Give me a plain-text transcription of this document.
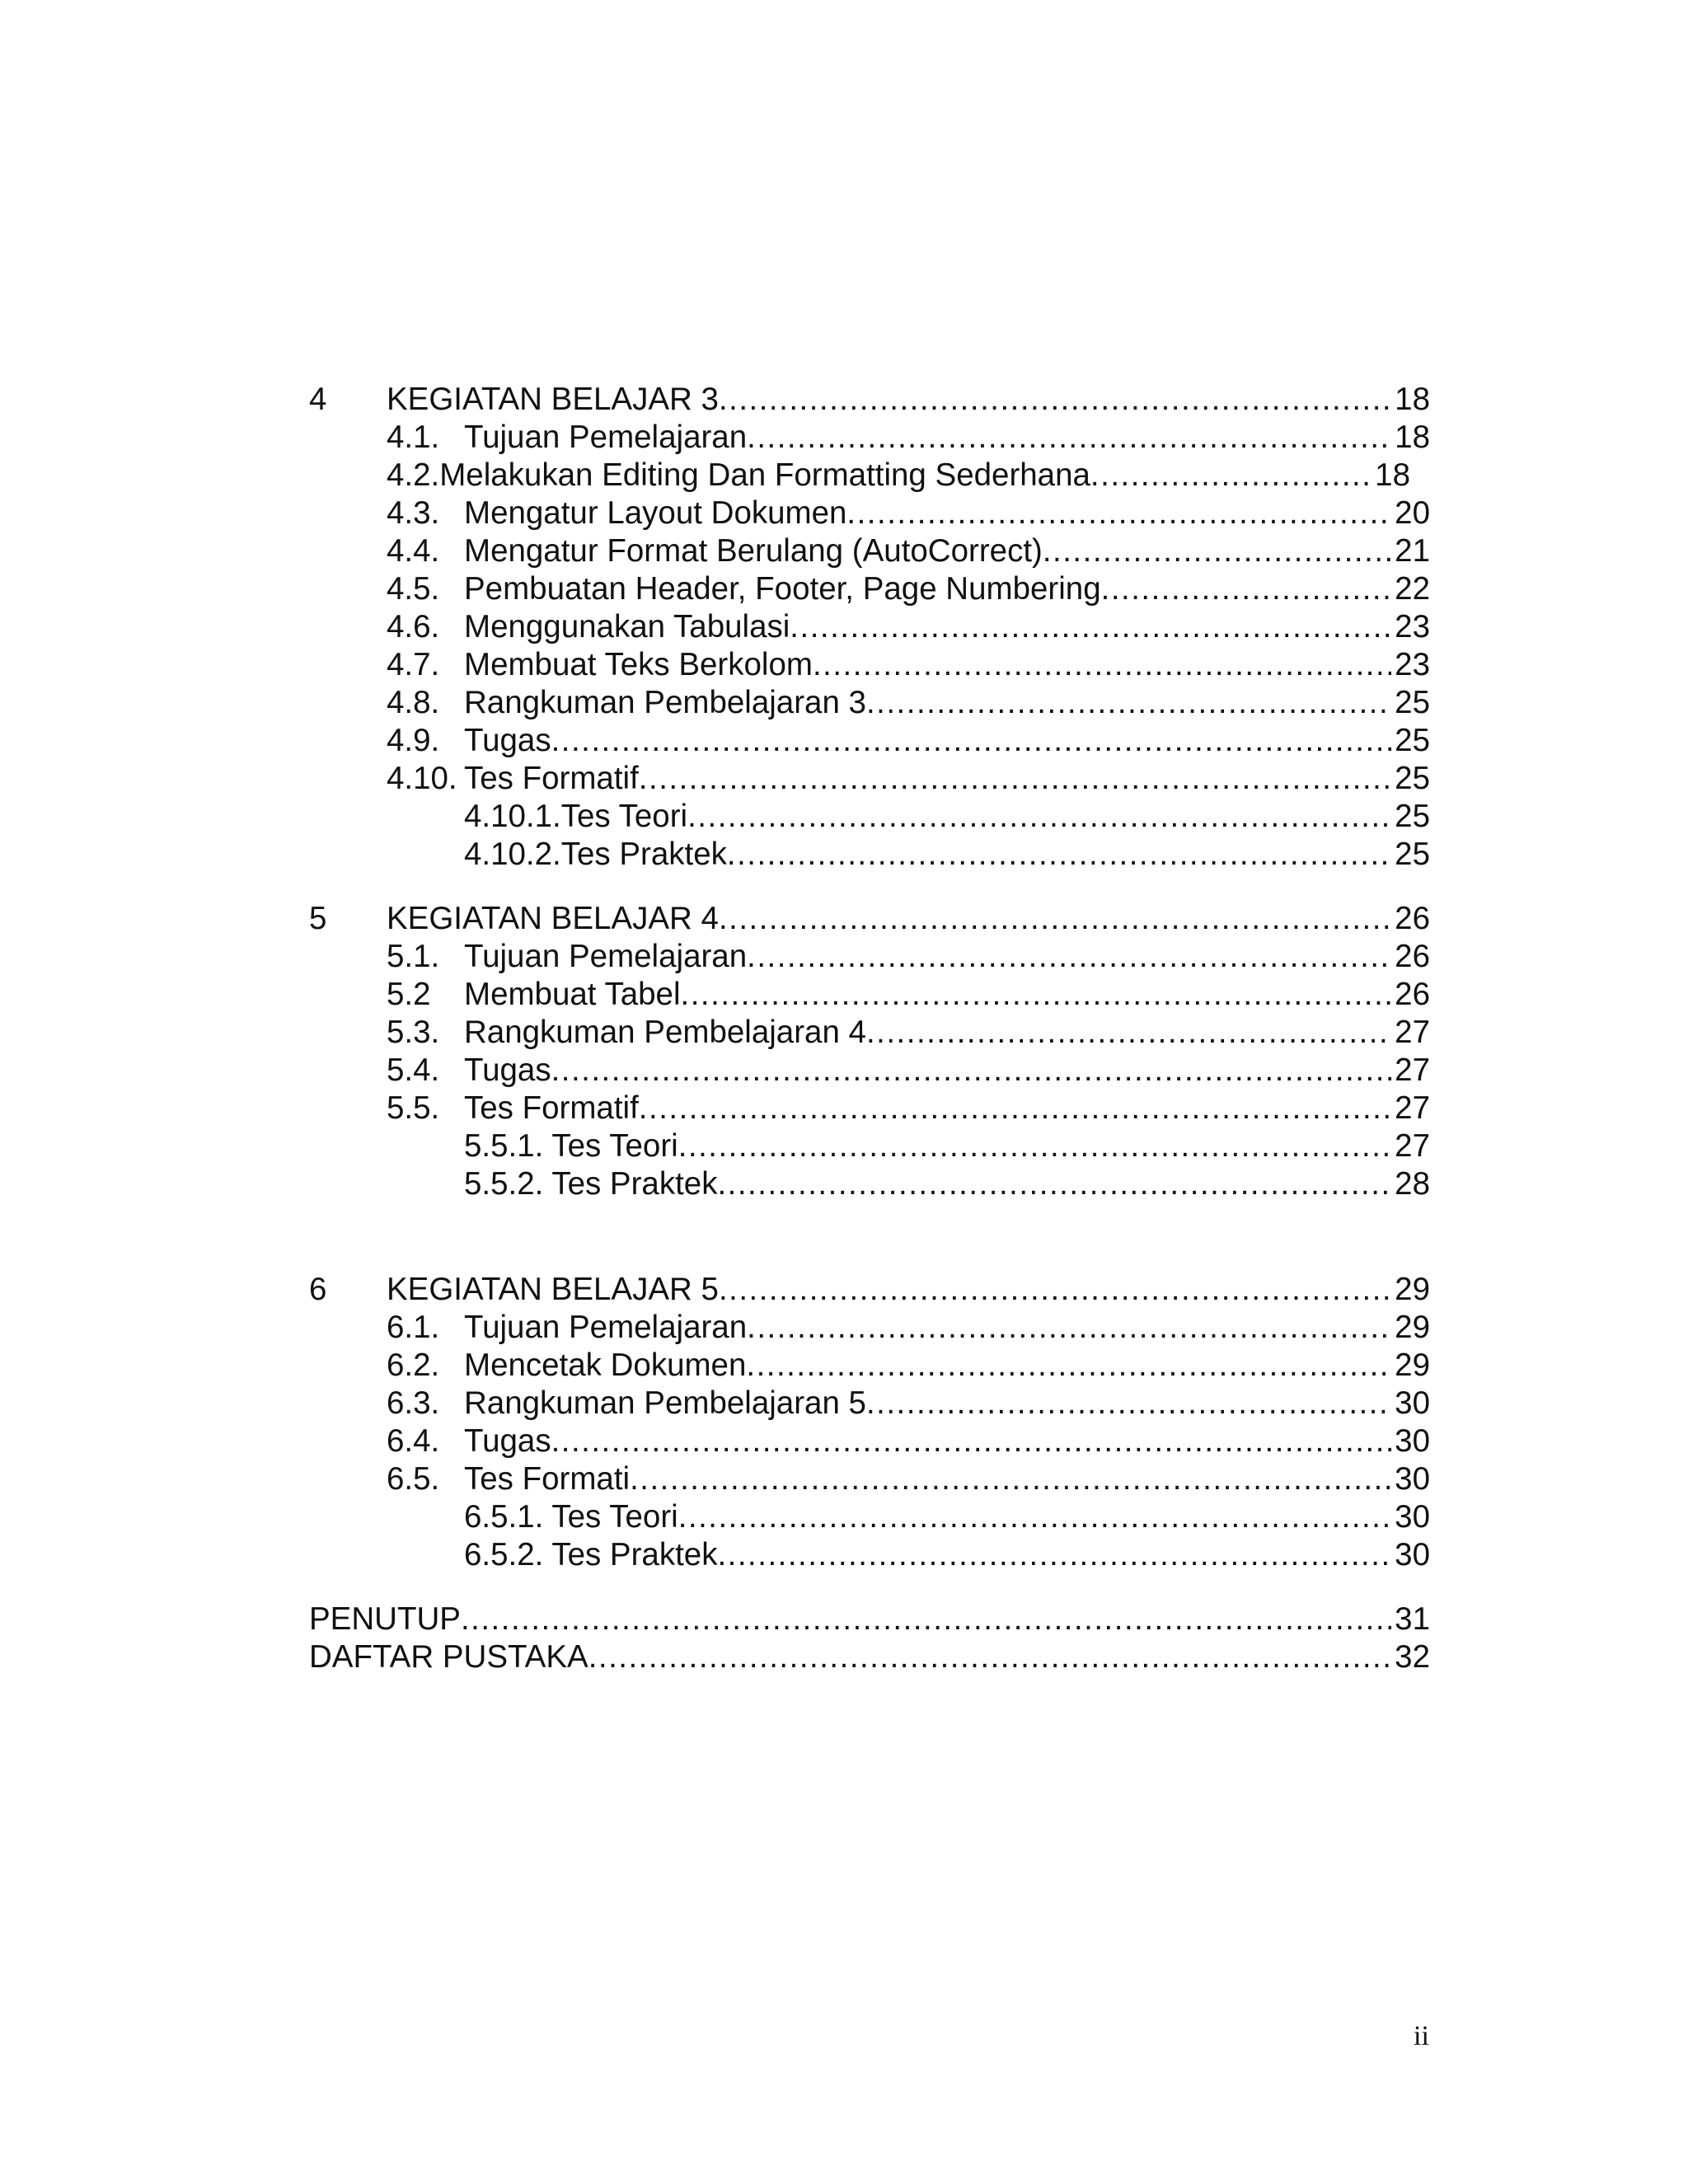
4 KEGIATAN BELAJAR 3 .....	18
4.1. Tujuan Pemelajaran .....	18
4.2.Melakukan Editing Dan Formatting Sederhana .....	18
4.3. Mengatur Layout Dokumen .....	20
4.4. Mengatur Format Berulang (AutoCorrect) .....	21
4.5. Pembuatan Header, Footer, Page Numbering .....	22
4.6. Menggunakan Tabulasi .....	23
4.7. Membuat Teks Berkolom .....	23
4.8. Rangkuman Pembelajaran 3 .....	25
4.9. Tugas .....	25
4.10. Tes Formatif .....	25
4.10.1.Tes Teori .....	25
4.10.2.Tes Praktek .....	25
5 KEGIATAN BELAJAR 4 .....	26
5.1. Tujuan Pemelajaran .....	26
5.2 Membuat Tabel .....	26
5.3. Rangkuman Pembelajaran 4 .....	27
5.4. Tugas .....	27
5.5. Tes Formatif .....	27
5.5.1. Tes Teori .....	27
5.5.2. Tes Praktek .....	28
6 KEGIATAN BELAJAR 5 .....	29
6.1. Tujuan Pemelajaran .....	29
6.2. Mencetak Dokumen .....	29
6.3. Rangkuman Pembelajaran 5 .....	30
6.4. Tugas .....	30
6.5. Tes Formati .....	30
6.5.1. Tes Teori .....	30
6.5.2. Tes Praktek .....	30
PENUTUP .....	31
DAFTAR PUSTAKA .....	32
ii
